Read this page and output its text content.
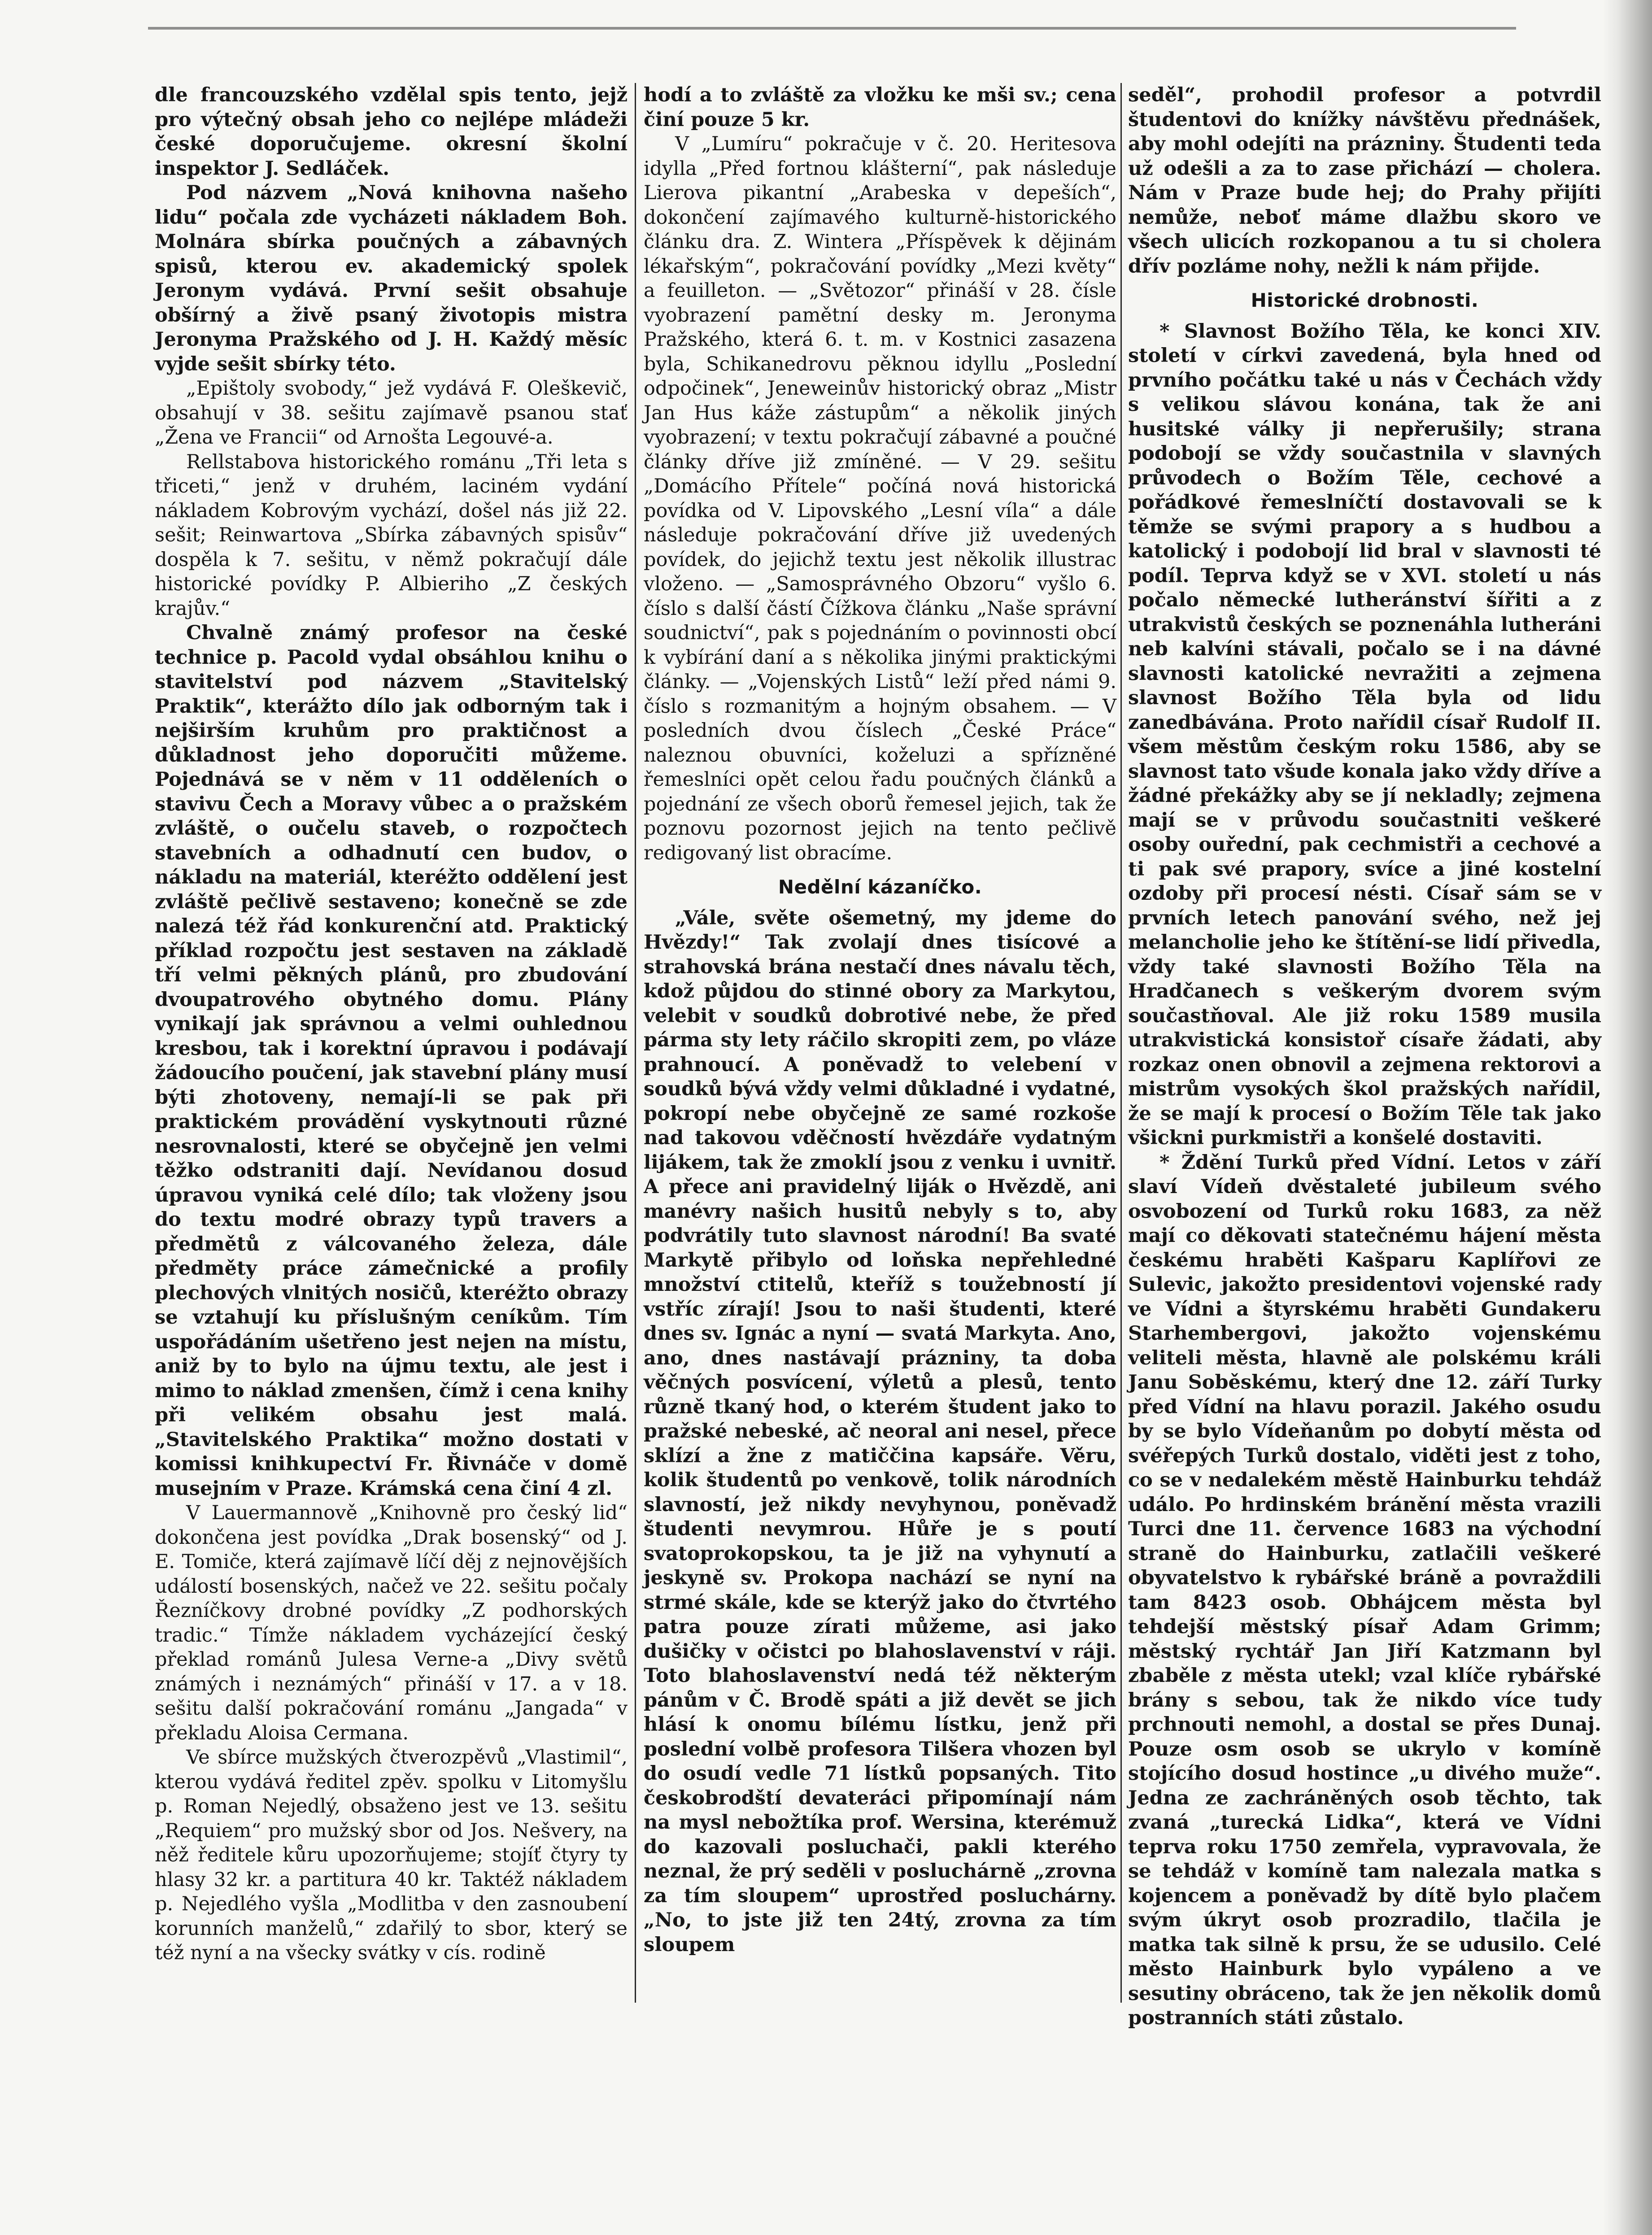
dle francouzského vzdělal spis tento, jejž pro výtečný obsah jeho co nejlépe mládeži české doporučujeme. okresní školní inspektor J. Sedláček.

Pod názvem „Nová knihovna našeho lidu“ počala zde vycházeti nákladem Boh. Molnára sbírka poučných a zábavných spisů, kterou ev. akademický spolek Jeronym vydává. První sešit obsahuje obšírný a živě psaný životopis mistra Jeronyma Pražského od J. H. Každý měsíc vyjde sešit sbírky této.

„Epištoly svobody,“ jež vydává F. Oleškevič, obsahují v 38. sešitu zajímavě psanou stať „Žena ve Francii“ od Arnošta Legouvé-a.

Rellstabova historického románu „Tři leta s třiceti,“ jenž v druhém, laciném vydání nákladem Kobrovým vychází, došel nás již 22. sešit; Reinwartova „Sbírka zábavných spisův“ dospěla k 7. sešitu, v němž pokračují dále historické povídky P. Albieriho „Z českých krajův.“

Chvalně známý profesor na české technice p. Pacold vydal obsáhlou knihu o stavitelství pod názvem „Stavitelský Praktik“, kterážto dílo jak odborným tak i nejširším kruhům pro praktičnost a důkladnost jeho doporučiti můžeme. Pojednává se v něm v 11 odděleních o stavivu Čech a Moravy vůbec a o pražském zvláště, o oučelu staveb, o rozpočtech stavebních a odhadnutí cen budov, o nákladu na materiál, kteréžto oddělení jest zvláště pečlivě sestaveno; konečně se zde nalezá též řád konkurenční atd. Praktický příklad rozpočtu jest sestaven na základě tří velmi pěkných plánů, pro zbudování dvoupatrového obytného domu. Plány vynikají jak správnou a velmi ouhlednou kresbou, tak i korektní úpravou i podávají žádoucího poučení, jak stavební plány musí býti zhotoveny, nemají-li se pak při praktickém provádění vyskytnouti různé nesrovnalosti, které se obyčejně jen velmi těžko odstraniti dají. Nevídanou dosud úpravou vyniká celé dílo; tak vloženy jsou do textu modré obrazy typů travers a předmětů z válcovaného železa, dále předměty práce zámečnické a profily plechových vlnitých nosičů, kteréžto obrazy se vztahují ku příslušným ceníkům. Tím uspořádáním ušetřeno jest nejen na místu, aniž by to bylo na újmu textu, ale jest i mimo to náklad zmenšen, čímž i cena knihy při velikém obsahu jest malá. „Stavitelského Praktika“ možno dostati v komissi knihkupectví Fr. Řivnáče v domě musejním v Praze. Krámská cena činí 4 zl.

V Lauermannově „Knihovně pro český lid“ dokončena jest povídka „Drak bosenský“ od J. E. Tomiče, která zajímavě líčí děj z nejnovějších událostí bosenských, načež ve 22. sešitu počaly Řezníčkovy drobné povídky „Z podhorských tradic.“ Tímže nákladem vycházející český překlad románů Julesa Verne-a „Divy světů známých i neznámých“ přináší v 17. a v 18. sešitu další pokračování románu „Jangada“ v překladu Aloisa Cermana.

Ve sbírce mužských čtverozpěvů „Vlastimil“, kterou vydává ředitel zpěv. spolku v Litomyšlu p. Roman Nejedlý, obsaženo jest ve 13. sešitu „Requiem“ pro mužský sbor od Jos. Nešvery, na něž ředitele kůru upozorňujeme; stojíť čtyry ty hlasy 32 kr. a partitura 40 kr. Taktéž nákladem p. Nejedlého vyšla „Modlitba v den zasnoubení korunních manželů,“ zdařilý to sbor, který se též nyní a na všecky svátky v cís. rodině

hodí a to zvláště za vložku ke mši sv.; cena činí pouze 5 kr.

V „Lumíru“ pokračuje v č. 20. Heritesova idylla „Před fortnou klášterní“, pak následuje Lierova pikantní „Arabeska v depeších“, dokončení zajímavého kulturně-historického článku dra. Z. Wintera „Příspěvek k dějinám lékařským“, pokračování povídky „Mezi květy“ a feuilleton. — „Světozor“ přináší v 28. čísle vyobrazení pamětní desky m. Jeronyma Pražského, která 6. t. m. v Kostnici zasazena byla, Schikanedrovu pěknou idyllu „Poslední odpočinek“, Jeneweinův historický obraz „Mistr Jan Hus káže zástupům“ a několik jiných vyobrazení; v textu pokračují zábavné a poučné články dříve již zmíněné. — V 29. sešitu „Domácího Přítele“ počíná nová historická povídka od V. Lipovského „Lesní víla“ a dále následuje pokračování dříve již uvedených povídek, do jejichž textu jest několik illustrac vloženo. — „Samosprávného Obzoru“ vyšlo 6. číslo s další částí Čížkova článku „Naše správní soudnictví“, pak s pojednáním o povinnosti obcí k vybírání daní a s několika jinými praktickými články. — „Vojenských Listů“ leží před námi 9. číslo s rozmanitým a hojným obsahem. — V posledních dvou číslech „České Práce“ naleznou obuvníci, koželuzi a spřízněné řemeslníci opět celou řadu poučných článků a pojednání ze všech oborů řemesel jejich, tak že poznovu pozornost jejich na tento pečlivě redigovaný list obracíme.

Nedělní kázaníčko.

„Vále, světe ošemetný, my jdeme do Hvězdy!“ Tak zvolají dnes tisícové a strahovská brána nestačí dnes návalu těch, kdož půjdou do stinné obory za Markytou, velebit v soudků dobrotivé nebe, že před pármа sty lety ráčilo skropiti zem, po vláze prahnoucí. A poněvadž to velebení v soudků bývá vždy velmi důkladné i vydatné, pokropí nebe obyčejně ze samé rozkoše nad takovou vděčností hvězdáře vydatným lijákem, tak že zmoklí jsou z venku i uvnitř. A přece ani pravidelný liják o Hvězdě, ani manévry našich husitů nebyly s to, aby podvrátily tuto slavnost národní! Ba svaté Markytě přibylo od loňska nepřehledné množství ctitelů, kteříž s toužebností jí vstříc zírají! Jsou to naši študenti, které dnes sv. Ignác a nyní — svatá Markyta. Ano, ano, dnes nastávají prázniny, ta doba věčných posvícení, výletů a plesů, tento různě tkaný hod, o kterém študent jako to pražské nebeské, ač neoral ani nesel, přece sklízí a žne z matiččina kapsáře. Věru, kolik študentů po venkově, tolik národních slavností, jež nikdy nevyhynou, poněvadž študenti nevymrou. Hůře je s poutí svatoprokopskou, ta je již na vyhynutí a jeskyně sv. Prokopa nachází se nyní na strmé skále, kde se kterýž jako do čtvrtého patra pouze zírati můžeme, asi jako dušičky v očistci po blahoslavenství v ráji. Toto blahoslavenství nedá též některým pánům v Č. Brodě spáti a již devět se jich hlásí k onomu bílému lístku, jenž při poslední volbě profesora Tilšera vhozen byl do osudí vedle 71 lístků popsaných. Tito českobrodští devateráci připomínají nám na mysl nebožtíka prof. Wersina, kterémuž do kazovali posluchači, pakli kterého neznal, že prý seděli v posluchárně „zrovna za tím sloupem“ uprostřed posluchárny. „No, to jste již ten 24tý, zrovna za tím sloupem

seděl“, prohodil profesor a potvrdil študentovi do knížky návštěvu přednášek, aby mohl odejíti na prázniny. Študenti teda už odešli a za to zase přichází — cholera. Nám v Praze bude hej; do Prahy přijíti nemůže, neboť máme dlažbu skoro ve všech ulicích rozkopanou a tu si cholera dřív pozláme nohy, nežli k nám přijde.

Historické drobnosti.

* Slavnost Božího Těla, ke konci XIV. století v církvi zavedená, byla hned od prvního počátku také u nás v Čechách vždy s velikou slávou konána, tak že ani husitské války ji nepřerušily; strana podobojí se vždy součastnila v slavných průvodech o Božím Těle, cechové a pořádkové řemeslníčtí dostavovali se k těmže se svými prapory a s hudbou a katolický i podobojí lid bral v slavnosti té podíl. Teprva když se v XVI. století u nás počalo německé lutheránství šířiti a z utrakvistů českých se poznenáhla lutheráni neb kalvíni stávali, počalo se i na dávné slavnosti katolické nevražiti a zejmena slavnost Božího Těla byla od lidu zanedbávána. Proto nařídil císař Rudolf II. všem městům českým roku 1586, aby se slavnost tato všude konala jako vždy dříve a žádné překážky aby se jí nekladly; zejmena mají se v průvodu součastniti veškeré osoby ouřední, pak cechmistři a cechové a ti pak své prapory, svíce a jiné kostelní ozdoby při procesí nésti. Císař sám se v prvních letech panování svého, než jej melancholie jeho ke štítění-se lidí přivedla, vždy také slavnosti Božího Těla na Hradčanech s veškerým dvorem svým součastňoval. Ale již roku 1589 musila utrakvistická konsistoř císaře žádati, aby rozkaz onen obnovil a zejmena rektorovi a mistrům vysokých škol pražských nařídil, že se mají k procesí o Božím Těle tak jako všickni purkmistři a konšelé dostaviti.

* Ždění Turků před Vídní. Letos v září slaví Vídeň dvěstaleté jubileum svého osvobození od Turků roku 1683, za něž mají co děkovati statečnému hájení města českému hraběti Kašparu Kaplířovi ze Sulevic, jakožto presidentovi vojenské rady ve Vídni a štyrskému hraběti Gundakeru Starhembergovi, jakožto vojenskému veliteli města, hlavně ale polskému králi Janu Soběskému, který dne 12. září Turky před Vídní na hlavu porazil. Jakého osudu by se bylo Vídeňanům po dobytí města od svéřepých Turků dostalo, viděti jest z toho, co se v nedalekém městě Hainburku tehdáž událo. Po hrdinském bránění města vrazili Turci dne 11. července 1683 na východní straně do Hainburku, zatlačili veškeré obyvatelstvo k rybářské bráně a povraždili tam 8423 osob. Obhájcem města byl tehdejší městský písař Adam Grimm; městský rychtář Jan Jiří Katzmann byl zbaběle z města utekl; vzal klíče rybářské brány s sebou, tak že nikdo více tudy prchnouti nemohl, a dostal se přes Dunaj. Pouze osm osob se ukrylo v komíně stojícího dosud hostince „u divého muže“. Jedna ze zachráněných osob těchto, tak zvaná „turecká Lidka“, která ve Vídni teprva roku 1750 zemřela, vypravovala, že se tehdáž v komíně tam nalezala matka s kojencem a poněvadž by dítě bylo plačem svým úkryt osob prozradilo, tlačila je matka tak silně k prsu, že se udusilo. Celé město Hainburk bylo vypáleno a ve sesutiny obráceno, tak že jen několik domů postranních státi zůstalo.
